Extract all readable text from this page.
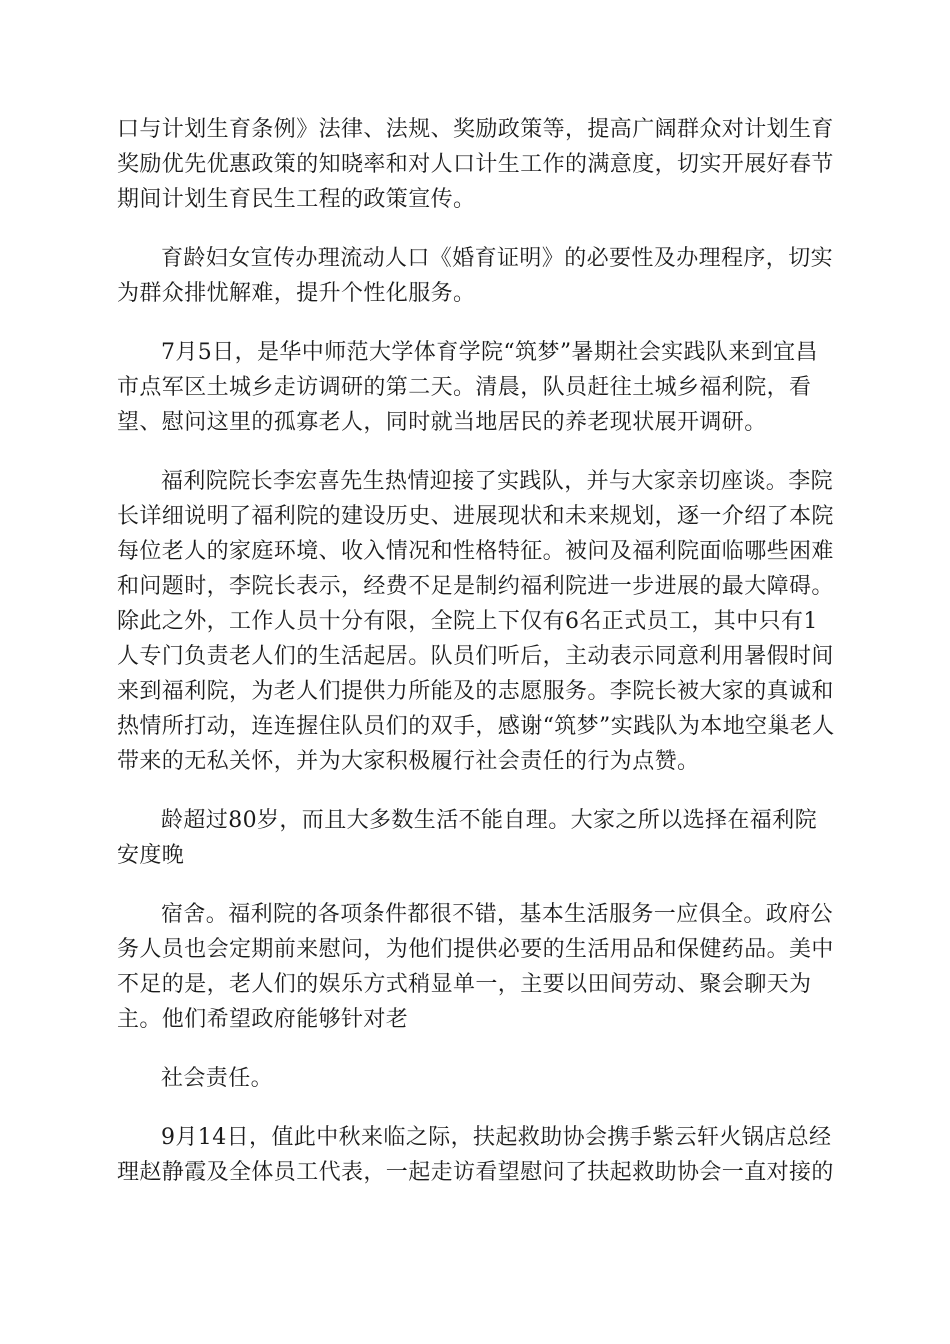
口与计划生育条例》法律、法规、奖励政策等，提高广阔群众对计划生育奖励优先优惠政策的知晓率和对人口计生工作的满意度，切实开展好春节期间计划生育民生工程的政策宣传。

育龄妇女宣传办理流动人口《婚育证明》的必要性及办理程序，切实为群众排忧解难，提升个性化服务。

7月5日，是华中师范大学体育学院“筑梦”暑期社会实践队来到宜昌市点军区土城乡走访调研的第二天。清晨，队员赶往土城乡福利院，看望、慰问这里的孤寡老人，同时就当地居民的养老现状展开调研。

福利院院长李宏喜先生热情迎接了实践队，并与大家亲切座谈。李院长详细说明了福利院的建设历史、进展现状和未来规划，逐一介绍了本院每位老人的家庭环境、收入情况和性格特征。被问及福利院面临哪些困难和问题时，李院长表示，经费不足是制约福利院进一步进展的最大障碍。除此之外，工作人员十分有限，全院上下仅有6名正式员工，其中只有1人专门负责老人们的生活起居。队员们听后，主动表示同意利用暑假时间来到福利院，为老人们提供力所能及的志愿服务。李院长被大家的真诚和热情所打动，连连握住队员们的双手，感谢“筑梦”实践队为本地空巢老人带来的无私关怀，并为大家积极履行社会责任的行为点赞。

龄超过80岁，而且大多数生活不能自理。大家之所以选择在福利院安度晚

宿舍。福利院的各项条件都很不错，基本生活服务一应俱全。政府公务人员也会定期前来慰问，为他们提供必要的生活用品和保健药品。美中不足的是，老人们的娱乐方式稍显单一，主要以田间劳动、聚会聊天为主。他们希望政府能够针对老

社会责任。

9月14日，值此中秋来临之际，扶起救助协会携手紫云轩火锅店总经理赵静霞及全体员工代表，一起走访看望慰问了扶起救助协会一直对接的
